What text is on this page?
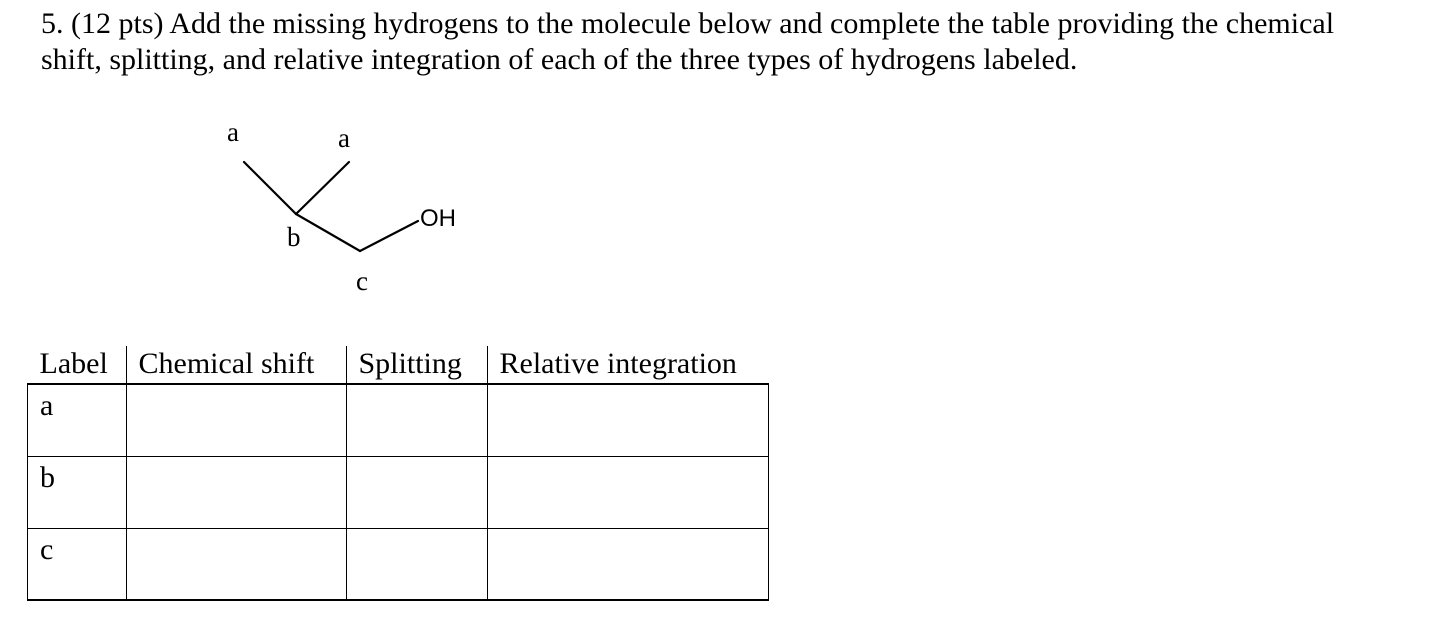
5. (12 pts) Add the missing hydrogens to the molecule below and complete the table providing the chemical
shift, splitting, and relative integration of each of the three types of hydrogens labeled.
a	a
b
c
OH
Label	Chemical shift	Splitting	Relative integration
a			
b			
c			
